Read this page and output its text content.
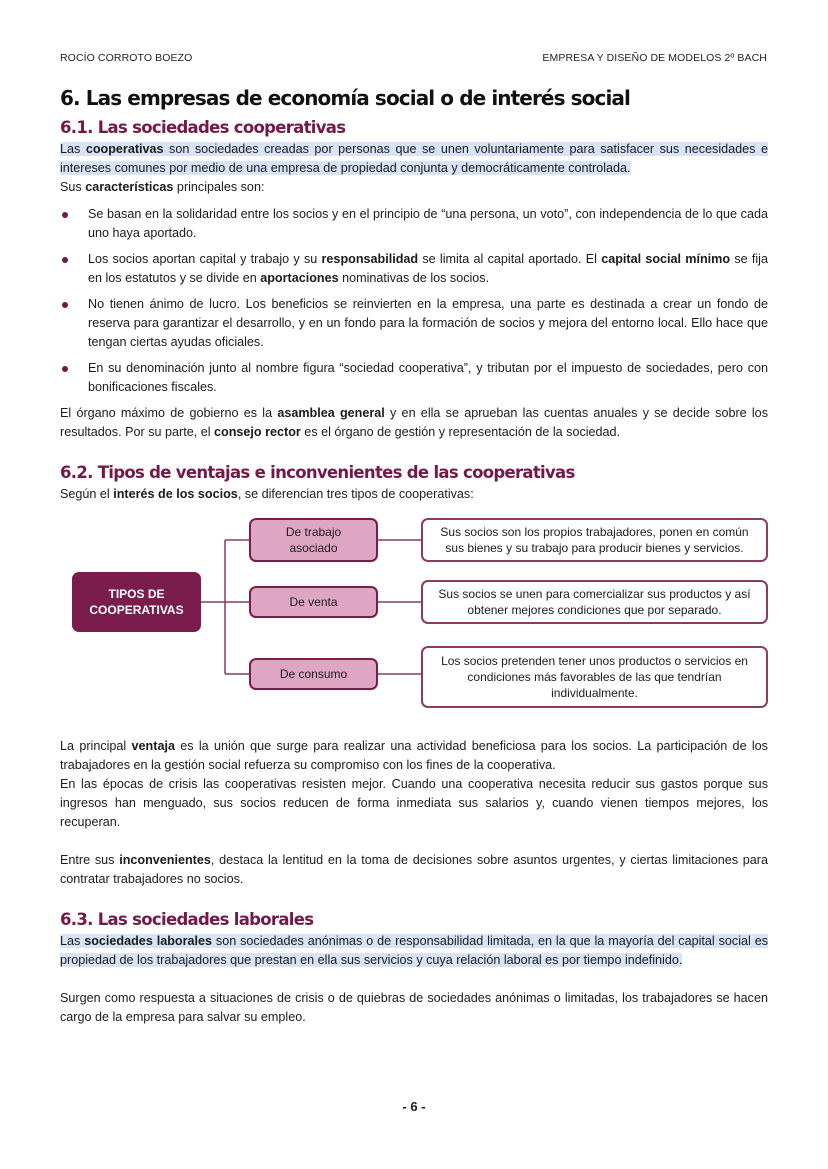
ROCÍO CORROTO BOEZO	EMPRESA Y DISEÑO DE MODELOS 2º BACH
6. Las empresas de economía social o de interés social
6.1. Las sociedades cooperativas

Las cooperativas son sociedades creadas por personas que se unen voluntariamente para satisfacer sus necesidades e intereses comunes por medio de una empresa de propiedad conjunta y democráticamente controlada.
Sus características principales son:

Se basan en la solidaridad entre los socios y en el principio de “una persona, un voto”, con independencia de lo que cada uno haya aportado.
Los socios aportan capital y trabajo y su responsabilidad se limita al capital aportado. El capital social mínimo se fija en los estatutos y se divide en aportaciones nominativas de los socios.
No tienen ánimo de lucro. Los beneficios se reinvierten en la empresa, una parte es destinada a crear un fondo de reserva para garantizar el desarrollo, y en un fondo para la formación de socios y mejora del entorno local. Ello hace que tengan ciertas ayudas oficiales.
En su denominación junto al nombre figura “sociedad cooperativa”, y tributan por el impuesto de sociedades, pero con bonificaciones fiscales.

El órgano máximo de gobierno es la asamblea general y en ella se aprueban las cuentas anuales y se decide sobre los resultados. Por su parte, el consejo rector es el órgano de gestión y representación de la sociedad.

6.2. Tipos de ventajas e inconvenientes de las cooperativas

Según el interés de los socios, se diferencian tres tipos de cooperativas:

TIPOS DE
COOPERATIVAS
De trabajo
asociado
De venta
De consumo
Sus socios son los propios trabajadores, ponen en común sus bienes y su trabajo para producir bienes y servicios.
Sus socios se unen para comercializar sus productos y así obtener mejores condiciones que por separado.
Los socios pretenden tener unos productos o servicios en condiciones más favorables de las que tendrían individualmente.

La principal ventaja es la unión que surge para realizar una actividad beneficiosa para los socios. La participación de los trabajadores en la gestión social refuerza su compromiso con los fines de la cooperativa.

En las épocas de crisis las cooperativas resisten mejor. Cuando una cooperativa necesita reducir sus gastos porque sus ingresos han menguado, sus socios reducen de forma inmediata sus salarios y, cuando vienen tiempos mejores, los recuperan.

Entre sus inconvenientes, destaca la lentitud en la toma de decisiones sobre asuntos urgentes, y ciertas limitaciones para contratar trabajadores no socios.

6.3. Las sociedades laborales

Las sociedades laborales son sociedades anónimas o de responsabilidad limitada, en la que la mayoría del capital social es propiedad de los trabajadores que prestan en ella sus servicios y cuya relación laboral es por tiempo indefinido.

Surgen como respuesta a situaciones de crisis o de quiebras de sociedades anónimas o limitadas, los trabajadores se hacen cargo de la empresa para salvar su empleo.

- 6 -
